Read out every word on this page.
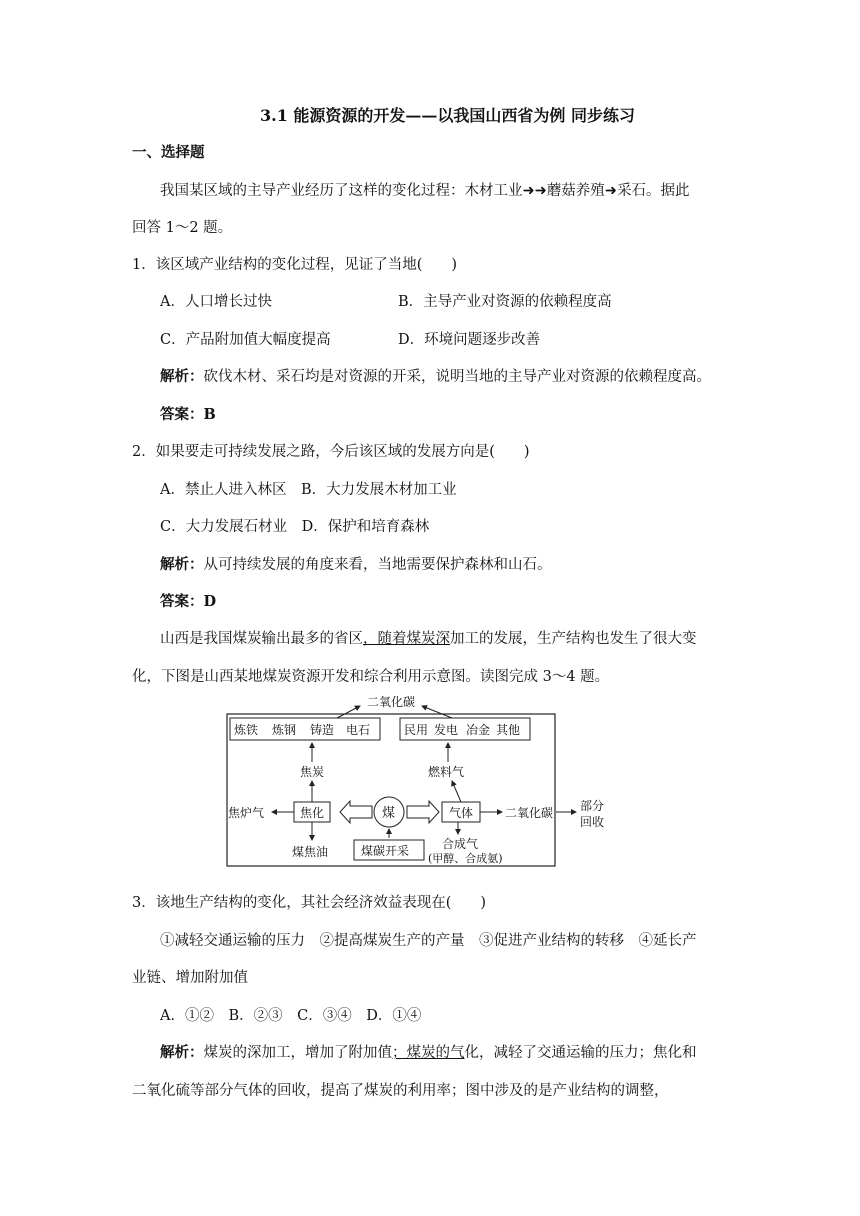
3.1 能源资源的开发——以我国山西省为例 同步练习
一、选择题
我国某区域的主导产业经历了这样的变化过程：木材工业➜➜蘑菇养殖➜采石。据此
回答 1～2 题。
1．该区域产业结构的变化过程，见证了当地(　　)
A．人口增长过快	B．主导产业对资源的依赖程度高
C．产品附加值大幅度提高	D．环境问题逐步改善
解析：砍伐木材、采石均是对资源的开采，说明当地的主导产业对资源的依赖程度高。
答案：B
2．如果要走可持续发展之路，今后该区域的发展方向是(　　)
A．禁止人进入林区　B．大力发展木材加工业
C．大力发展石材业　D．保护和培育森林
解析：从可持续发展的角度来看，当地需要保护森林和山石。
答案：D
山西是我国煤炭输出最多的省区，随着煤炭深加工的发展，生产结构也发生了很大变
化，下图是山西某地煤炭资源开发和综合利用示意图。读图完成 3～4 题。
二氧化碳
炼铁 炼钢 铸造 电石	民用 发电 冶金 其他
焦炭	燃料气
焦化
焦炉气
煤焦油
煤
煤碳开采
气体	二氧化碳 部分
回收
合成气
(甲醇、合成氨)
3．该地生产结构的变化，其社会经济效益表现在(　　)
①减轻交通运输的压力　②提高煤炭生产的产量　③促进产业结构的转移　④延长产
业链、增加附加值
A．①②　B．②③　C．③④　D．①④
解析：煤炭的深加工，增加了附加值；煤炭的气化，减轻了交通运输的压力；焦化和
二氧化硫等部分气体的回收，提高了煤炭的利用率；图中涉及的是产业结构的调整，
